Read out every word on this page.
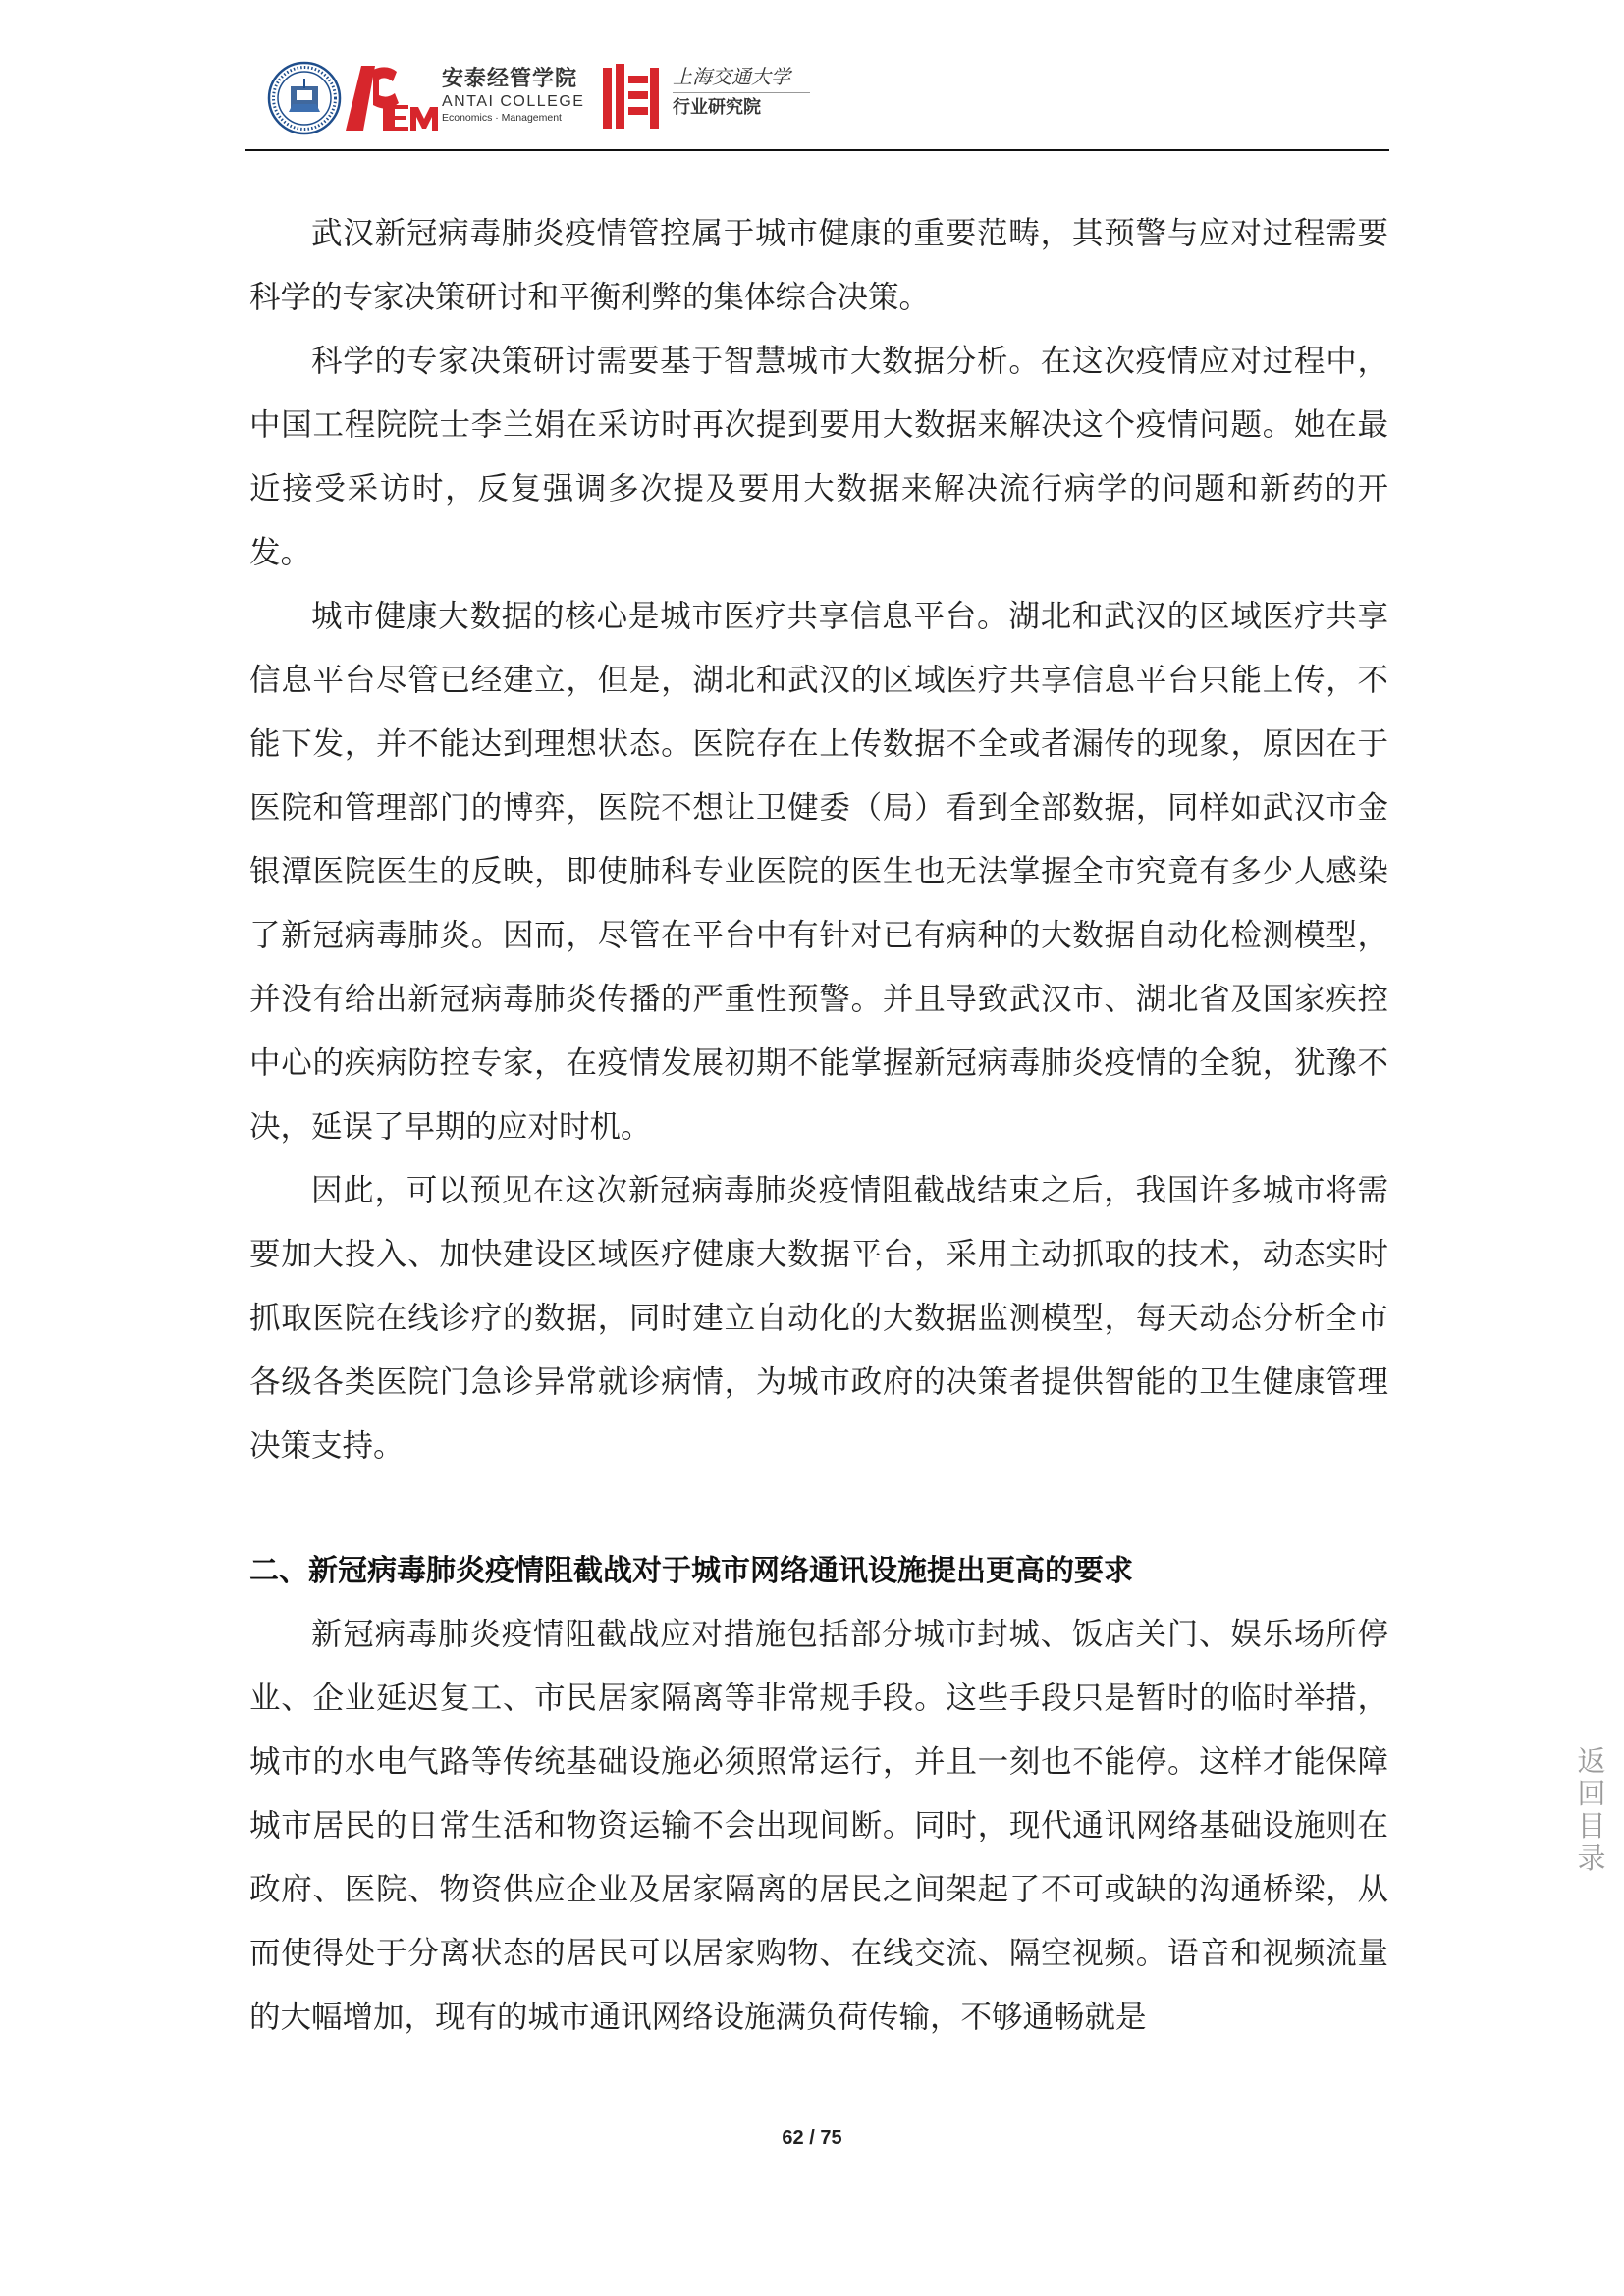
安泰经管学院
ANTAI COLLEGE
Economics · Management
上海交通大学
行业研究院

武汉新冠病毒肺炎疫情管控属于城市健康的重要范畴，其预警与应对过程需要科学的专家决策研讨和平衡利弊的集体综合决策。

科学的专家决策研讨需要基于智慧城市大数据分析。在这次疫情应对过程中，中国工程院院士李兰娟在采访时再次提到要用大数据来解决这个疫情问题。她在最近接受采访时，反复强调多次提及要用大数据来解决流行病学的问题和新药的开发。

城市健康大数据的核心是城市医疗共享信息平台。湖北和武汉的区域医疗共享信息平台尽管已经建立，但是，湖北和武汉的区域医疗共享信息平台只能上传，不能下发，并不能达到理想状态。医院存在上传数据不全或者漏传的现象，原因在于医院和管理部门的博弈，医院不想让卫健委（局）看到全部数据，同样如武汉市金银潭医院医生的反映，即使肺科专业医院的医生也无法掌握全市究竟有多少人感染了新冠病毒肺炎。因而，尽管在平台中有针对已有病种的大数据自动化检测模型，并没有给出新冠病毒肺炎传播的严重性预警。并且导致武汉市、湖北省及国家疾控中心的疾病防控专家，在疫情发展初期不能掌握新冠病毒肺炎疫情的全貌，犹豫不决，延误了早期的应对时机。

因此，可以预见在这次新冠病毒肺炎疫情阻截战结束之后，我国许多城市将需要加大投入、加快建设区域医疗健康大数据平台，采用主动抓取的技术，动态实时抓取医院在线诊疗的数据，同时建立自动化的大数据监测模型，每天动态分析全市各级各类医院门急诊异常就诊病情，为城市政府的决策者提供智能的卫生健康管理决策支持。

二、新冠病毒肺炎疫情阻截战对于城市网络通讯设施提出更高的要求

新冠病毒肺炎疫情阻截战应对措施包括部分城市封城、饭店关门、娱乐场所停业、企业延迟复工、市民居家隔离等非常规手段。这些手段只是暂时的临时举措，城市的水电气路等传统基础设施必须照常运行，并且一刻也不能停。这样才能保障城市居民的日常生活和物资运输不会出现间断。同时，现代通讯网络基础设施则在政府、医院、物资供应企业及居家隔离的居民之间架起了不可或缺的沟通桥梁，从而使得处于分离状态的居民可以居家购物、在线交流、隔空视频。语音和视频流量的大幅增加，现有的城市通讯网络设施满负荷传输，不够通畅就是

返回目录
62 / 75
